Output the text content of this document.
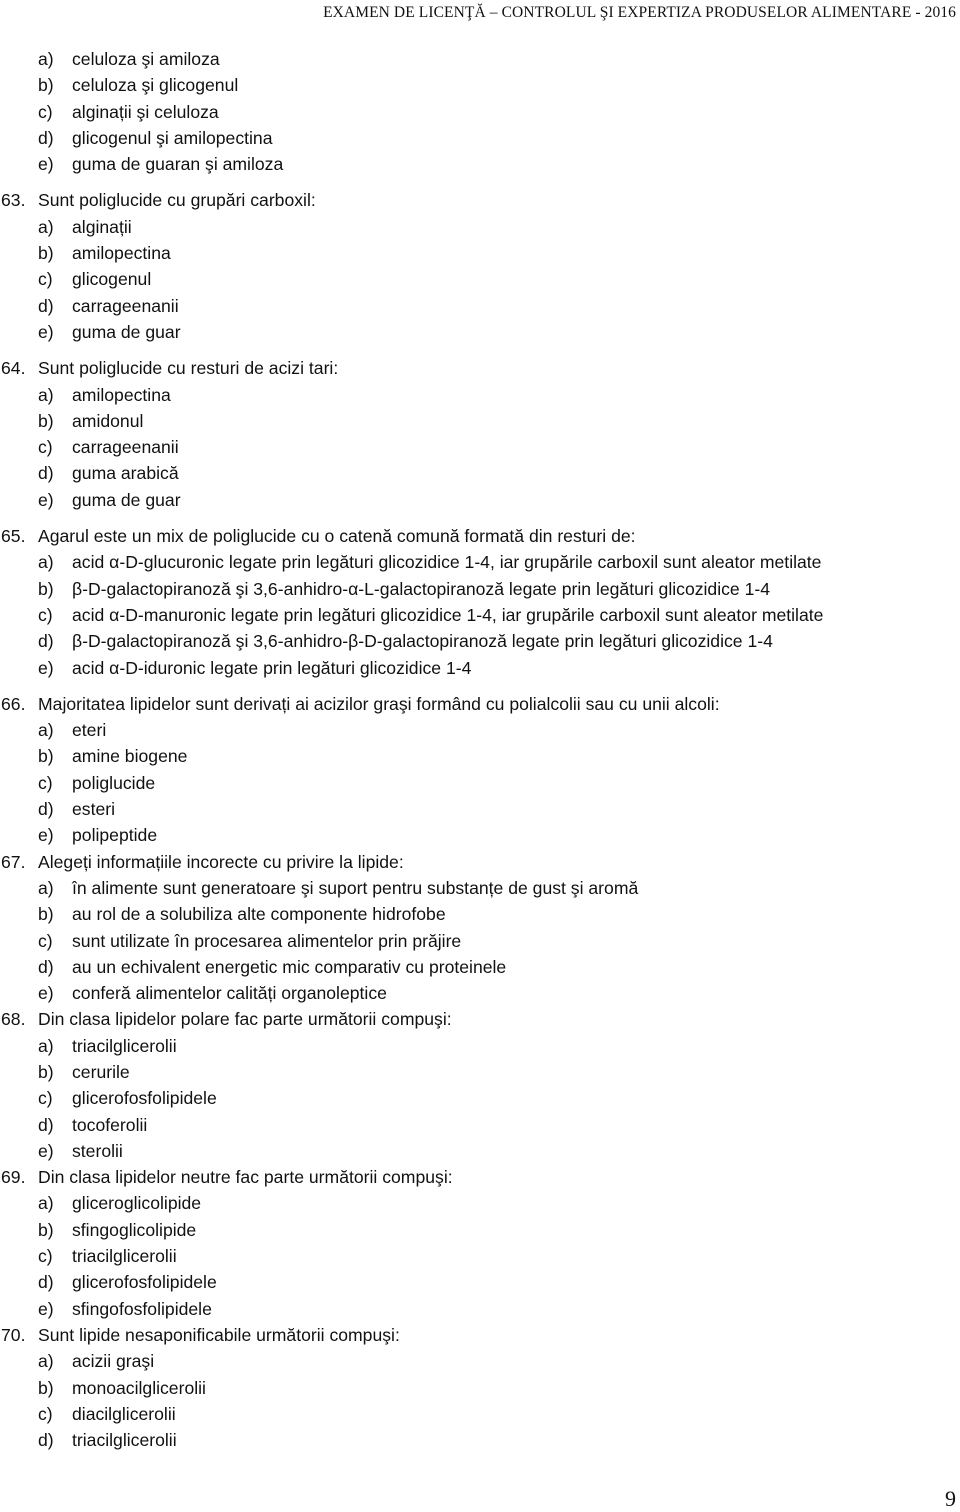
EXAMEN DE LICENŢĂ – CONTROLUL ŞI EXPERTIZA PRODUSELOR ALIMENTARE - 2016
a) celuloza şi amiloza
b) celuloza şi glicogenul
c) alginații şi celuloza
d) glicogenul şi amilopectina
e) guma de guaran şi amiloza
63. Sunt poliglucide cu grupări carboxil:
a) alginații
b) amilopectina
c) glicogenul
d) carrageenanii
e) guma de guar
64. Sunt poliglucide cu resturi de acizi tari:
a) amilopectina
b) amidonul
c) carrageenanii
d) guma arabică
e) guma de guar
65. Agarul este un mix de poliglucide cu o catenă comună formată din resturi de:
a) acid α-D-glucuronic legate prin legături glicozidice 1-4, iar grupările carboxil sunt aleator metilate
b) β-D-galactopiranoză şi 3,6-anhidro-α-L-galactopiranoză legate prin legături glicozidice 1-4
c) acid α-D-manuronic legate prin legături glicozidice 1-4, iar grupările carboxil sunt aleator metilate
d) β-D-galactopiranoză şi 3,6-anhidro-β-D-galactopiranoză legate prin legături glicozidice 1-4
e) acid α-D-iduronic legate prin legături glicozidice 1-4
66. Majoritatea lipidelor sunt derivați ai acizilor graşi formând cu polialcolii sau cu unii alcoli:
a) eteri
b) amine biogene
c) poliglucide
d) esteri
e) polipeptide
67. Alegeți informațiile incorecte cu privire la lipide:
a) în alimente sunt generatoare şi suport pentru substanțe de gust şi aromă
b) au rol de a solubiliza alte componente hidrofobe
c) sunt utilizate în procesarea alimentelor prin prăjire
d) au un echivalent energetic mic comparativ cu proteinele
e) conferă alimentelor calități organoleptice
68. Din clasa lipidelor polare fac parte următorii compuşi:
a) triacilglicerolii
b) cerurile
c) glicerofosfolipidele
d) tocoferolii
e) sterolii
69. Din clasa lipidelor neutre fac parte următorii compuşi:
a) gliceroglicolipide
b) sfingoglicolipide
c) triacilglicerolii
d) glicerofosfolipidele
e) sfingofosfolipidele
70. Sunt lipide nesaponificabile următorii compuşi:
a) acizii graşi
b) monoacilglicerolii
c) diacilglicerolii
d) triacilglicerolii
9
